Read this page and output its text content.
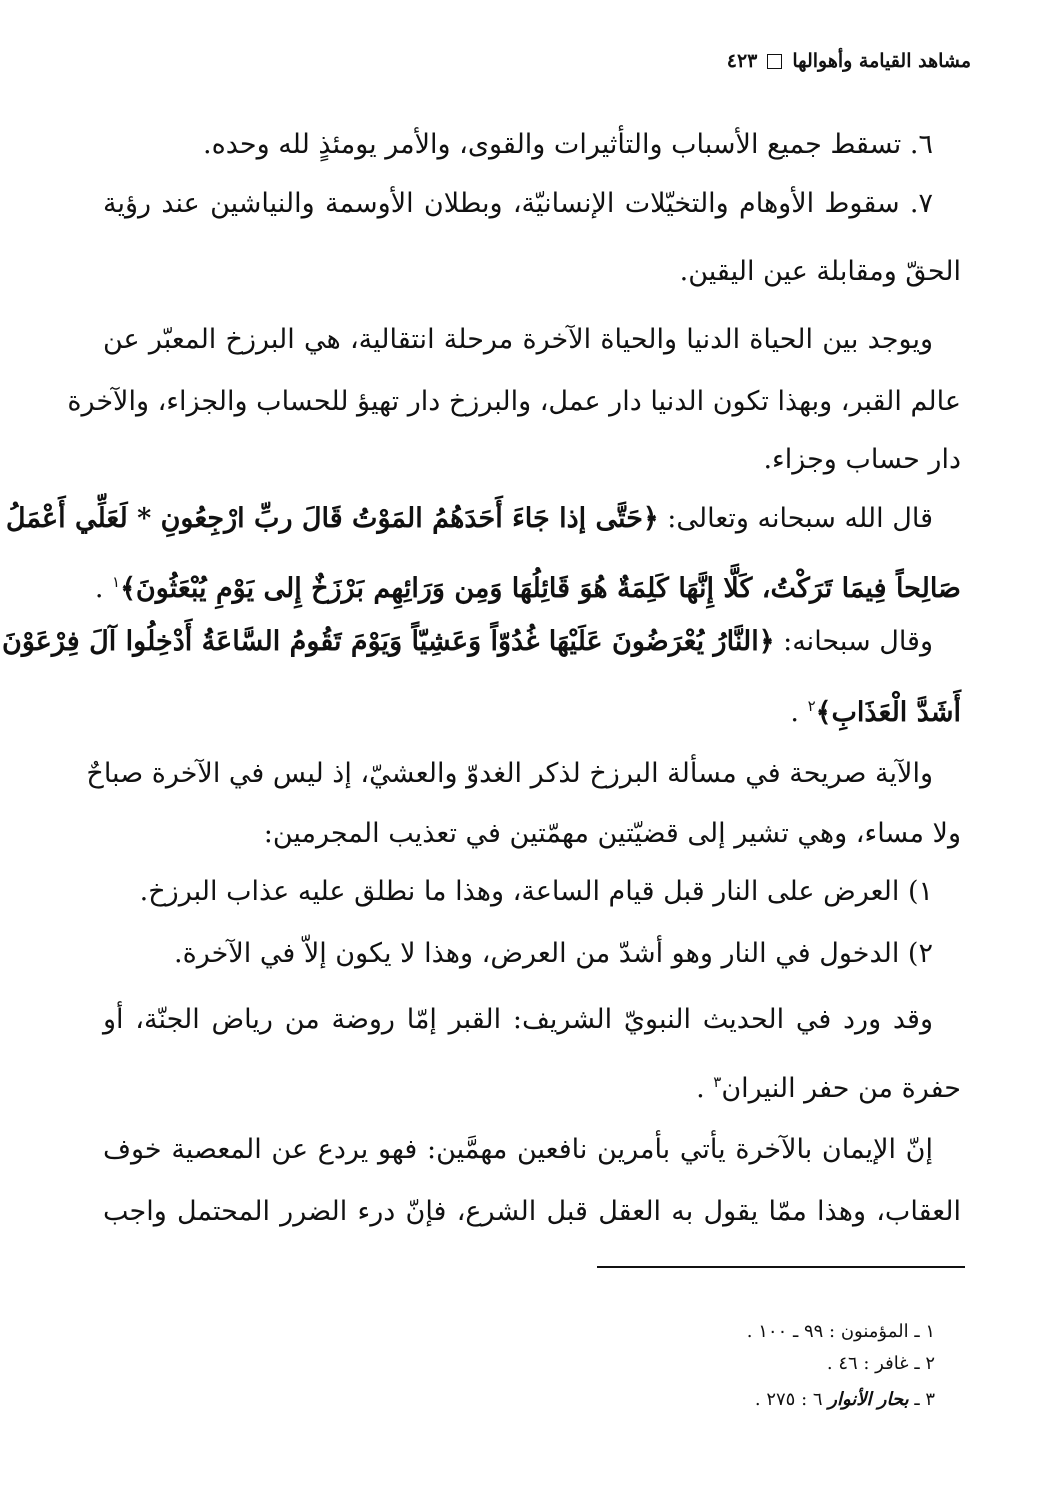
مشاهد القيامة وأهوالها
٤٢٣
٦. تسقط جميع الأسباب والتأثيرات والقوى، والأمر يومئذٍ لله وحده.
٧. سقوط الأوهام والتخيّلات الإنسانيّة، وبطلان الأوسمة والنياشين عند رؤية
الحقّ ومقابلة عين اليقين.
ويوجد بين الحياة الدنيا والحياة الآخرة مرحلة انتقالية، هي البرزخ المعبّر عن
عالم القبر، وبهذا تكون الدنيا دار عمل، والبرزخ دار تهيؤ للحساب والجزاء، والآخرة
دار حساب وجزاء.
قال الله سبحانه وتعالى: ﴿حَتَّى إذا جَاءَ أَحَدَهُمُ المَوْتُ قَالَ ربِّ ارْجِعُونِ * لَعَلِّي أَعْمَلُ
صَالِحاً فِيمَا تَرَكْتُ، كَلَّا إِنَّهَا كَلِمَةٌ هُوَ قَائِلُهَا وَمِن وَرَائِهِم بَرْزَخٌ إِلى يَوْمِ يُبْعَثُونَ﴾$^١$ .
وقال سبحانه: ﴿النَّارُ يُعْرَضُونَ عَلَيْهَا غُدُوّاً وَعَشِيّاً وَيَوْمَ تَقُومُ السَّاعَةُ أَدْخِلُوا آلَ فِرْعَوْنَ
أَشَدَّ الْعَذَابِ﴾$^٢$ .
والآية صريحة في مسألة البرزخ لذكر الغدوّ والعشيّ، إذ ليس في الآخرة صباحٌ
ولا مساء، وهي تشير إلى قضيّتين مهمّتين في تعذيب المجرمين:
١) العرض على النار قبل قيام الساعة، وهذا ما نطلق عليه عذاب البرزخ.
٢) الدخول في النار وهو أشدّ من العرض، وهذا لا يكون إلاّ في الآخرة.
وقد ورد في الحديث النبويّ الشريف: القبر إمّا روضة من رياض الجنّة، أو
حفرة من حفر النيران$^٣$ .
إنّ الإيمان بالآخرة يأتي بأمرين نافعين مهمَّين: فهو يردع عن المعصية خوف
العقاب، وهذا ممّا يقول به العقل قبل الشرع، فإنّ درء الضرر المحتمل واجب
١ ـ المؤمنون : ٩٩ ـ ١٠٠ .
٢ ـ غافر : ٤٦ .
٣ ـ بحار الأنوار ٦ : ٢٧٥ .
